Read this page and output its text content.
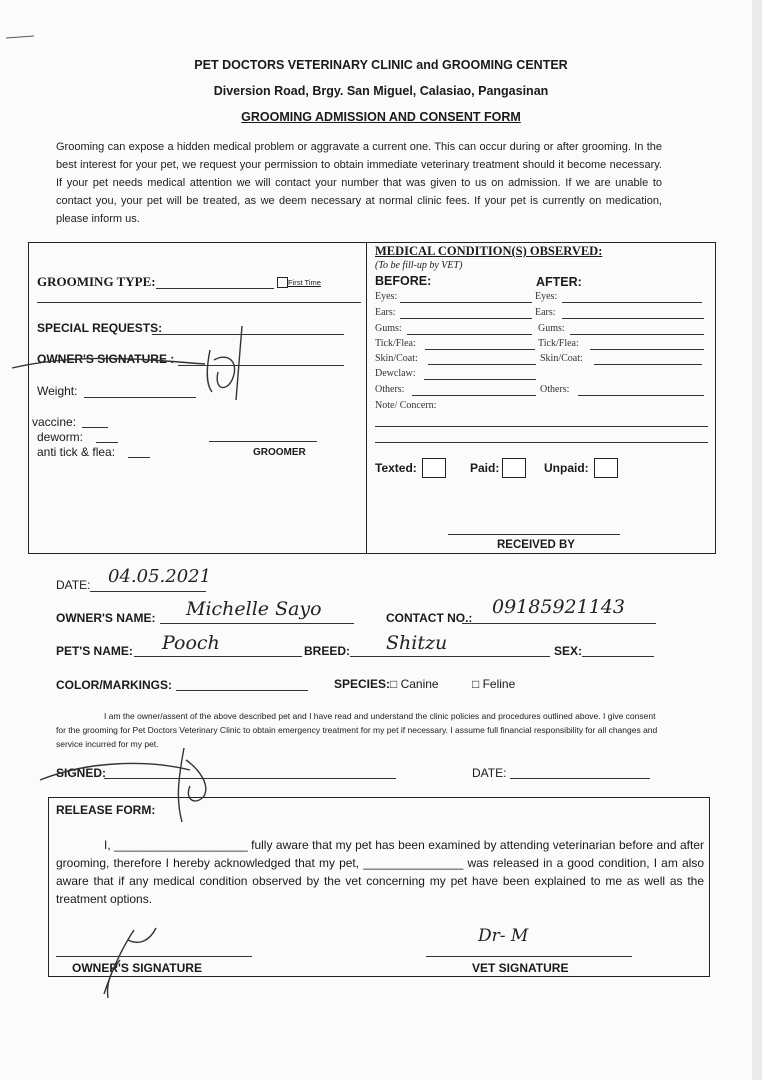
PET DOCTORS VETERINARY CLINIC and GROOMING CENTER
Diversion Road, Brgy. San Miguel, Calasiao, Pangasinan
GROOMING ADMISSION AND CONSENT FORM
Grooming can expose a hidden medical problem or aggravate a current one. This can occur during or after grooming. In the best interest for your pet, we request your permission to obtain immediate veterinary treatment should it become necessary. If your pet needs medical attention we will contact your number that was given to us on admission. If we are unable to contact you, your pet will be treated, as we deem necessary at normal clinic fees. If your pet is currently on medication, please inform us.
GROOMING TYPE:	First Time
SPECIAL REQUESTS:
OWNER'S SIGNATURE :
Weight:
vaccine:
deworm:
anti tick & flea:	GROOMER
MEDICAL CONDITION(S) OBSERVED:
(To be fill-up by VET)
BEFORE:	AFTER:
Eyes:	Eyes:
Ears:	Ears:
Gums:	Gums:
Tick/Flea:	Tick/Flea:
Skin/Coat:	Skin/Coat:
Dewclaw:
Others:	Others:
Note/ Concern:
Texted:	Paid:	Unpaid:
RECEIVED BY
DATE: 04.05.2021
OWNER'S NAME: Michelle Sayo	CONTACT NO.: 09185921143
PET'S NAME: Pooch	BREED: Shitzu	SEX:
COLOR/MARKINGS:	SPECIES: □ Canine	□ Feline
I am the owner/assent of the above described pet and I have read and understand the clinic policies and procedures outlined above. I give consent for the grooming for Pet Doctors Veterinary Clinic to obtain emergency treatment for my pet if necessary. I assume full financial responsibility for all changes and service incurred for my pet.
SIGNED:	DATE:
RELEASE FORM:
I, ____________________ fully aware that my pet has been examined by attending veterinarian before and after grooming, therefore I hereby acknowledged that my pet, _______________ was released in a good condition, I am also aware that if any medical condition observed by the vet concerning my pet have been explained to me as well as the treatment options.
OWNER'S SIGNATURE	VET SIGNATURE
Dr- M
